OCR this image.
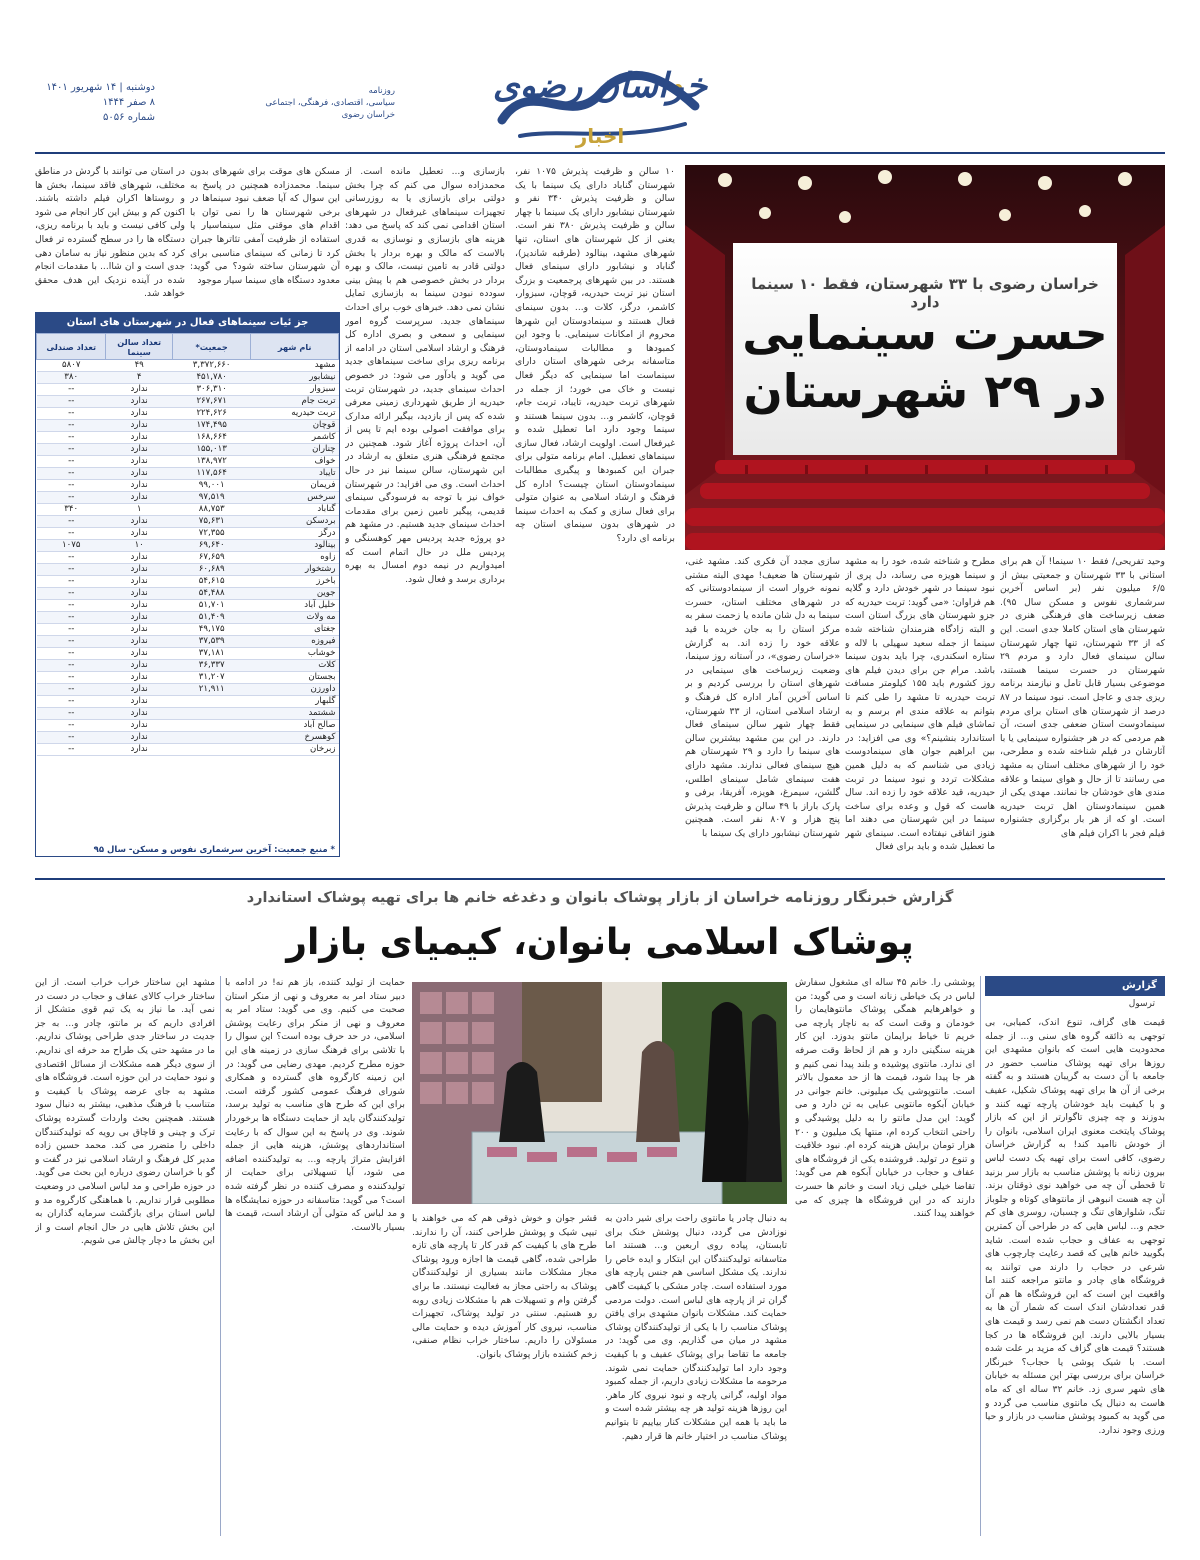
دوشنبه | ۱۴ شهریور ۱۴۰۱
۸ صفر ۱۴۴۴
شماره ۵۰۵۶
خراسان رضوی
اخبار
روزنامه
سیاسی، اقتصادی، فرهنگی، اجتماعی
خراسان رضوی
خراسان رضوی با ۳۳ شهرستان، فقط ۱۰ سینما دارد
حسرت سینمایی
در ۲۹ شهرستان
وحید تفریحی/ فقط ۱۰ سینما! آن هم برای استانی با ۳۳ شهرستان و جمعیتی بیش از ۶/۵ میلیون نفر (بر اساس آخرین سرشماری نفوس و مسکن سال ۹۵). ضعف زیرساخت های فرهنگی هنری در شهرستان های استان کاملا جدی است. این که از ۳۳ شهرستان، تنها چهار شهرستان سالن سینمای فعال دارد و مردم ۲۹ شهرستان در حسرت سینما هستند، موضوعی بسیار قابل تامل و نیازمند برنامه ریزی جدی و عاجل است. نبود سینما در ۸۷ درصد از شهرستان های استان برای مردم سینمادوست استان ضعفی جدی است، آن هم مردمی که در هر جشنواره سینمایی یا با آثارشان در فیلم شناخته شده و مطرحی، خود را از شهرهای مختلف استان به مشهد می رسانند تا از حال و هوای سینما و علاقه مندی های خودشان جا نمانند. مهدی یکی از همین سینمادوستان اهل تربت حیدریه است. او که از هر بار برگزاری جشنواره فیلم فجر با اکران فیلم های
مطرح و شناخته شده، خود را به مشهد و سینما هویزه می رساند، دل پری از نبود سینما در شهر خودش دارد و گلایه هم فراوان: «می گوید: تربت حیدریه که جزو شهرستان های بزرگ استان است و البته زادگاه هنرمندان شناخته شده سینما از جمله سعید سهیلی با لاله و ستاره اسکندری، چرا باید بدون سینما باشد. مرام جن برای دیدن فیلم های روز کشورم باید ۱۵۵ کیلومتر مسافت تربت حیدریه تا مشهد را طی کنم تا بتوانم به علاقه مندی ام برسم و به تماشای فیلم های سینمایی در سینمایی استاندارد بنشینم؟» وی می افزاید: در بین ابراهیم جوان های سینمادوست زیادی می شناسم که به دلیل همین مشکلات تردد و نبود سینما در تربت حیدریه، قید علاقه خود را زده اند. سال هاست که قول و وعده برای ساخت سینما در این شهرستان می دهند اما هنوز اتفاقی نیفتاده است. سینمای شهر ما تعطیل شده و باید برای فعال
سازی مجدد آن فکری کند. مشهد غنی، شهرستان ها ضعیف! مهدی البته مشتی نمونه خروار است از سینمادوستانی که در شهرهای مختلف استان، حسرت سینما به دل شان مانده یا زحمت سفر به مرکز استان را به جان خریده با قید علاقه خود را زده اند. به گزارش «خراسان رضوی»، در آستانه روز سینما، وضعیت زیرساخت های سینمایی در شهرهای استان را بررسی کردیم و بر اساس آخرین آمار اداره کل فرهنگ و ارشاد اسلامی استان، از ۳۳ شهرستان، فقط چهار شهر سالن سینمای فعال دارند. در این بین مشهد بیشترین سالن های سینما را دارد و ۲۹ شهرستان هم هیچ سینمای فعالی ندارند. مشهد دارای هفت سینمای شامل سینمای اطلس، گلشن، سیمرغ، هویزه، آفریقا، برفی و پارک باراز با ۴۹ سالن و ظرفیت پذیرش پنج هزار و ۸۰۷ نفر است. همچنین شهرستان نیشابور دارای یک سینما با
۱۰ سالن و ظرفیت پذیرش ۱۰۷۵ نفر، شهرستان گناباد دارای یک سینما با یک سالن و ظرفیت پذیرش ۳۴۰ نفر و شهرستان نیشابور دارای یک سینما با چهار سالن و ظرفیت پذیرش ۳۸۰ نفر است. یعنی از کل شهرستان های استان، تنها شهرهای مشهد، بینالود (طرقبه شاندیز)، گناباد و نیشابور دارای سینمای فعال هستند. در بین شهرهای پرجمعیت و بزرگ استان نیز تربت حیدریه، قوچان، سبزوار، کاشمر، درگز، کلات و... بدون سینمای فعال هستند و سینمادوستان این شهرها محروم از امکانات سینمایی. با وجود این کمبودها و مطالبات سینمادوستان، متاسفانه برخی شهرهای استان دارای سینماست اما سینمایی که دیگر فعال نیست و خاک می خورد؛ از جمله در شهرهای تربت حیدریه، تایباد، تربت جام، قوچان، کاشمر و... بدون سینما هستند و سینما وجود دارد اما تعطیل شده و غیرفعال است. اولویت ارشاد، فعال سازی سینماهای تعطیل. امام برنامه متولی برای جبران این کمبودها و پیگیری مطالبات سینمادوستان استان چیست؟ اداره کل فرهنگ و ارشاد اسلامی به عنوان متولی برای فعال سازی و کمک به احداث سینما در شهرهای بدون سینمای استان چه برنامه ای دارد؟
بازسازی و... تعطیل مانده است. از محمدزاده سوال می کنم که چرا بخش دولتی برای بازسازی یا به روزرسانی تجهیزات سینماهای غیرفعال در شهرهای استان اقدامی نمی کند که پاسخ می دهد: هزینه های بازسازی و نوسازی به قدری بالاست که مالک و بهره بردار یا بخش دولتی قادر به تامین نیست، مالک و بهره بردار در بخش خصوصی هم با پیش بینی سودده نبودن سینما به بازسازی تمایل نشان نمی دهد. خبرهای خوب برای احداث سینماهای جدید. سرپرست گروه امور سینمایی و سمعی و بصری اداره کل فرهنگ و ارشاد اسلامی استان در ادامه از برنامه ریزی برای ساخت سینماهای جدید می گوید و یادآور می شود: در خصوص احداث سینمای جدید، در شهرستان تربت حیدریه از طریق شهرداری زمینی معرفی شده که پس از بازدید، بیگیر ارائه مدارک برای موافقت اصولی بوده ایم تا پس از آن، احداث پروژه آغاز شود. همچنین در مجتمع فرهنگی هنری متعلق به ارشاد در این شهرستان، سالن سینما نیز در حال احداث است. وی می افزاید: در شهرستان خواف نیز با توجه به فرسودگی سینمای قدیمی، پیگیر تامین زمین برای مقدمات احداث سینمای جدید هستیم. در مشهد هم دو پروژه جدید پردیس مهر کوهسنگی و پردیس ملل در حال اتمام است که امیدواریم در نیمه دوم امسال به بهره برداری برسد و فعال شود.
مسکن های موقت برای شهرهای بدون سینما. محمدزاده همچنین در پاسخ به این سوال که آیا ضعف نبود سینماها در برخی شهرستان ها را نمی توان با اقدام های موقتی مثل سینماسیار یا استفاده از ظرفیت آمفی تئاترها جبران کرد تا زمانی که سینمای مناسبی برای آن شهرستان ساخته شود؟ می گوید: معدود دستگاه های سینما سیار موجود
در استان می توانند با گردش در مناطق مختلف، شهرهای فاقد سینما، بخش ها و روستاها اکران فیلم داشته باشند. اکنون کم و بیش این کار انجام می شود ولی کافی نیست و باید با برنامه ریزی، دستگاه ها را در سطح گسترده تر فعال کرد که بدین منظور نیاز به سامان دهی جدی است و ان شاا... با مقدمات انجام شده در آینده نزدیک این هدف محقق خواهد شد.
جز ئیات سینماهای فعال در شهرستان های استان
نام شهر	جمعیت*	تعداد سالن سینما	تعداد صندلی
مشهد	۳,۳۷۲,۶۶۰	۴۹	۵۸۰۷
نیشابور	۴۵۱,۷۸۰	۴	۳۸۰
سبزوار	۳۰۶,۳۱۰	ندارد	--
تربت جام	۲۶۷,۶۷۱	ندارد	--
تربت حیدریه	۲۲۴,۶۲۶	ندارد	--
قوچان	۱۷۴,۴۹۵	ندارد	--
کاشمر	۱۶۸,۶۶۴	ندارد	--
چناران	۱۵۵,۰۱۳	ندارد	--
خواف	۱۳۸,۹۷۲	ندارد	--
تایباد	۱۱۷,۵۶۴	ندارد	--
فریمان	۹۹,۰۰۱	ندارد	--
سرخس	۹۷,۵۱۹	ندارد	--
گناباد	۸۸,۷۵۳	۱	۳۴۰
بردسکن	۷۵,۶۳۱	ندارد	--
درگز	۷۲,۳۵۵	ندارد	--
بینالود	۶۹,۶۴۰	۱۰	۱۰۷۵
زاوه	۶۷,۶۵۹	ندارد	--
رشتخوار	۶۰,۶۸۹	ندارد	--
باخرز	۵۴,۶۱۵	ندارد	--
جوین	۵۴,۴۸۸	ندارد	--
خلیل آباد	۵۱,۷۰۱	ندارد	--
مه ولات	۵۱,۴۰۹	ندارد	--
جغتای	۴۹,۱۷۵	ندارد	--
فیروزه	۳۷,۵۳۹	ندارد	--
خوشاب	۳۷,۱۸۱	ندارد	--
کلات	۳۶,۳۳۷	ندارد	--
بجستان	۳۱,۲۰۷	ندارد	--
داورزن	۲۱,۹۱۱	ندارد	--
گلبهار		ندارد	--
ششتمد		ندارد	--
صالح آباد		ندارد	--
کوهسرخ		ندارد	--
زبرخان		ندارد	--
* منبع جمعیت: آخرین سرشماری نفوس و مسکن- سال ۹۵
گزارش خبرنگار روزنامه خراسان از بازار پوشاک بانوان و دغدغه خانم ها برای تهیه پوشاک استاندارد
پوشاک اسلامی بانوان، کیمیای بازار
گزارش
ترسول
قیمت های گزاف، تنوع اندک، کمیابی، بی توجهی به ذائقه گروه های سنی و... از جمله محدودیت هایی است که بانوان مشهدی این روزها برای تهیه پوشاک مناسب حضور در جامعه با آن دست به گریبان هستند و به گفته برخی از آن ها برای تهیه پوشاک شکیل، عفیف و با کیفیت باید خودشان پارچه تهیه کنند و بدوزند و چه چیزی تاگوارتر از این که بازار پوشاک پایتخت معنوی ایران اسلامی، بانوان را از خودش ناامید کند! به گزارش خراسان رضوی، کافی است برای تهیه یک دست لباس بیرون زنانه با پوشش مناسب به بازار سر بزنید تا قحطی آن چه می خواهید نوی ذوقتان بزند. آن چه هست انبوهی از مانتوهای کوتاه و جلوباز تنگ، شلوارهای تنگ و چسبان، روسری های کم حجم و... لباس هایی که در طراحی آن کمترین توجهی به عفاف و حجاب شده است. شاید بگویید خانم هایی که قصد رعایت چارچوب های شرعی در حجاب را دارند می توانند به فروشگاه های چادر و مانتو مراجعه کنند اما واقعیت این است که این فروشگاه ها هم آن قدر تعدادشان اندک است که شمار آن ها به تعداد انگشتان دست هم نمی رسد و قیمت های بسیار بالایی دارند. این فروشگاه ها در کجا هستند؟ قیمت های گزاف که مزید بر علت شده است. با شیک پوشی یا حجاب؟ خبرنگار خراسان برای بررسی بهتر این مسئله به خیابان های شهر سری زد. خانم ۳۲ ساله ای که ماه هاست به دنبال یک مانتوی مناسب می گردد و می گوید به کمبود پوشش مناسب در بازار و حیا ورزی وجود ندارد.
پوششی را. خانم ۴۵ ساله ای مشغول سفارش لباس در یک خیاطی زنانه است و می گوید: من و خواهرهایم همگی پوشاک مانتوهایمان را خودمان و وقت است که به ناچار پارچه می خریم تا خیاط برایمان مانتو بدوزد. این کار هزینه سنگینی دارد و هم از لحاظ وقت صرفه ای ندارد. مانتوی پوشیده و بلند پیدا نمی کنیم و هر جا پیدا شود، قیمت ها از حد معمول بالاتر است. مانتوپوشی یک میلیونی. خانم جوانی در خیابان آبکوه مانتویی عبایی به تن دارد و می گوید: این مدل مانتو را به دلیل پوشیدگی و راحتی انتخاب کرده ام، منتها یک میلیون و ۲۰۰ هزار تومان برایش هزینه کرده ام. نبود خلاقیت و تنوع در تولید. فروشنده یکی از فروشگاه های عفاف و حجاب در خیابان آبکوه هم می گوید: تقاضا خیلی خیلی زیاد است و خانم ها حسرت دارند که در این فروشگاه ها چیزی که می خواهند پیدا کنند.
به دنبال چادر یا مانتوی راحت برای شیر دادن به نوزادش می گردد، دنبال پوشش خنک برای تابستان، پیاده روی اربعین و... هستند اما متاسفانه تولیدکنندگان این ابتکار و ایده خاص را ندارند. یک مشکل اساسی هم جنس پارچه های مورد استفاده است. چادر مشکی با کیفیت گاهی گران تر از پارچه های لباس است. دولت مردمی حمایت کند. مشکلات بانوان مشهدی برای یافتن پوشاک مناسب را با یکی از تولیدکنندگان پوشاک مشهد در میان می گذاریم. وی می گوید: در جامعه ما تقاضا برای پوشاک عفیف و با کیفیت وجود دارد اما تولیدکنندگان حمایت نمی شوند. مرحومه ما مشکلات زیادی داریم، از جمله کمبود مواد اولیه، گرانی پارچه و نبود نیروی کار ماهر. این روزها هزینه تولید هر چه بیشتر شده است و ما باید با همه این مشکلات کنار بیاییم تا بتوانیم پوشاک مناسب در اختیار خانم ها قرار دهیم.
قشر جوان و خوش ذوقی هم که می خواهند با تیپی شیک و پوشش طراحی کنند، آن را ندارند. طرح های با کیفیت کم قدر کار تا پارچه های تازه طراحی شده، گاهی قیمت ها اجازه ورود پوشاک مجاز مشکلات مانند بسیاری از تولیدکنندگان پوشاک به راحتی مجاز به فعالیت نیستند. ما برای گرفتن وام و تسهیلات هم با مشکلات زیادی روبه رو هستیم. سنتی در تولید پوشاک، تجهیزات مناسب، نیروی کار آموزش دیده و حمایت مالی مسئولان را داریم. ساختار خراب نظام صنفی، زخم کشنده بازار پوشاک بانوان.
حمایت از تولید کننده، باز هم نه! در ادامه با دبیر ستاد امر به معروف و نهی از منکر استان صحبت می کنیم. وی می گوید: ستاد امر به معروف و نهی از منکر برای رعایت پوشش اسلامی، در حد حرف بوده است؟ این سوال را با تلاشی برای فرهنگ سازی در زمینه های این حوزه مطرح کردیم. مهدی رضایی می گوید: در این زمینه کارگروه های گسترده و همکاری شورای فرهنگ عمومی کشور گرفته است. برای این که طرح های مناسب به تولید برسد، تولیدکنندگان باید از حمایت دستگاه ها برخوردار شوند. وی در پاسخ به این سوال که با رعایت استانداردهای پوشش، هزینه هایی از جمله افزایش متراژ پارچه و... به تولیدکننده اضافه می شود، آیا تسهیلاتی برای حمایت از تولیدکننده و مصرف کننده در نظر گرفته شده است؟ می گوید: متاسفانه در حوزه نمایشگاه ها و مد لباس که متولی آن ارشاد است، قیمت ها بسیار بالاست.
مشهد این ساختار خراب خراب است. از این ساختار خراب کالای عفاف و حجاب در دست در نمی آید. ما نیاز به یک تیم قوی متشکل از افرادی داریم که بر مانتو، چادر و... به جز جدیت در ساختار جدی طراحی پوشاک نداریم. ما در مشهد حتی یک طراح مد حرفه ای نداریم. از سوی دیگر همه مشکلات از مسائل اقتصادی و نبود حمایت در این حوزه است. فروشگاه های مشهد به جای عرضه پوشاک با کیفیت و متناسب با فرهنگ مذهبی، بیشتر به دنبال سود هستند. همچنین بحث واردات گسترده پوشاک ترک و چینی و قاچاق بی رویه که تولیدکنندگان داخلی را متضرر می کند. محمد حسین زاده مدیر کل فرهنگ و ارشاد اسلامی نیز در گفت و گو با خراسان رضوی درباره این بحث می گوید. در حوزه طراحی و مد لباس اسلامی در وضعیت مطلوبی قرار نداریم. با هماهنگی کارگروه مد و لباس استان برای بازگشت سرمایه گذاران به این بخش تلاش هایی در حال انجام است و از این بخش ما دچار چالش می شویم.
